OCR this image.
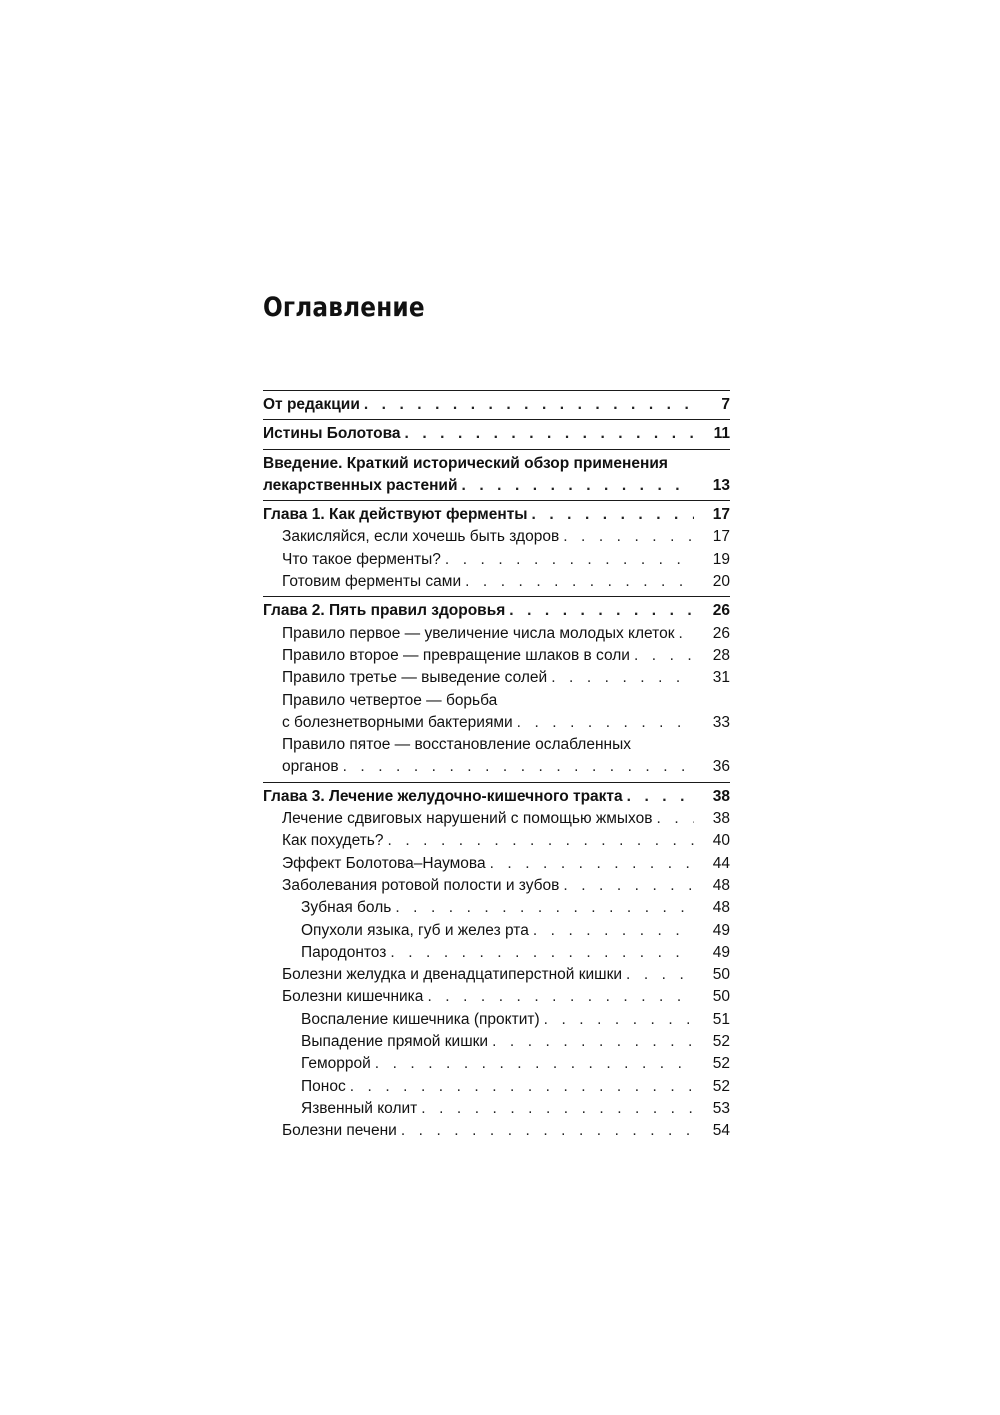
Оглавление
От редакции . . .	7
Истины Болотова . . .	11
Введение. Краткий исторический обзор применения
лекарственных растений . . .	13
Глава 1. Как действуют ферменты . . .	17
Закисляйся, если хочешь быть здоров . . .	17
Что такое ферменты? . . .	19
Готовим ферменты сами . . .	20
Глава 2. Пять правил здоровья . . .	26
Правило первое — увеличение числа молодых клеток . . .	26
Правило второе — превращение шлаков в соли . . .	28
Правило третье — выведение солей . . .	31
Правило четвертое — борьба
с болезнетворными бактериями . . .	33
Правило пятое — восстановление ослабленных
органов . . .	36
Глава 3. Лечение желудочно-кишечного тракта . . .	38
Лечение сдвиговых нарушений с помощью жмыхов . . .	38
Как похудеть? . . .	40
Эффект Болотова–Наумова . . .	44
Заболевания ротовой полости и зубов . . .	48
Зубная боль . . .	48
Опухоли языка, губ и желез рта . . .	49
Пародонтоз . . .	49
Болезни желудка и двенадцатиперстной кишки . . .	50
Болезни кишечника . . .	50
Воспаление кишечника (проктит) . . .	51
Выпадение прямой кишки . . .	52
Геморрой . . .	52
Понос . . .	52
Язвенный колит . . .	53
Болезни печени . . .	54
